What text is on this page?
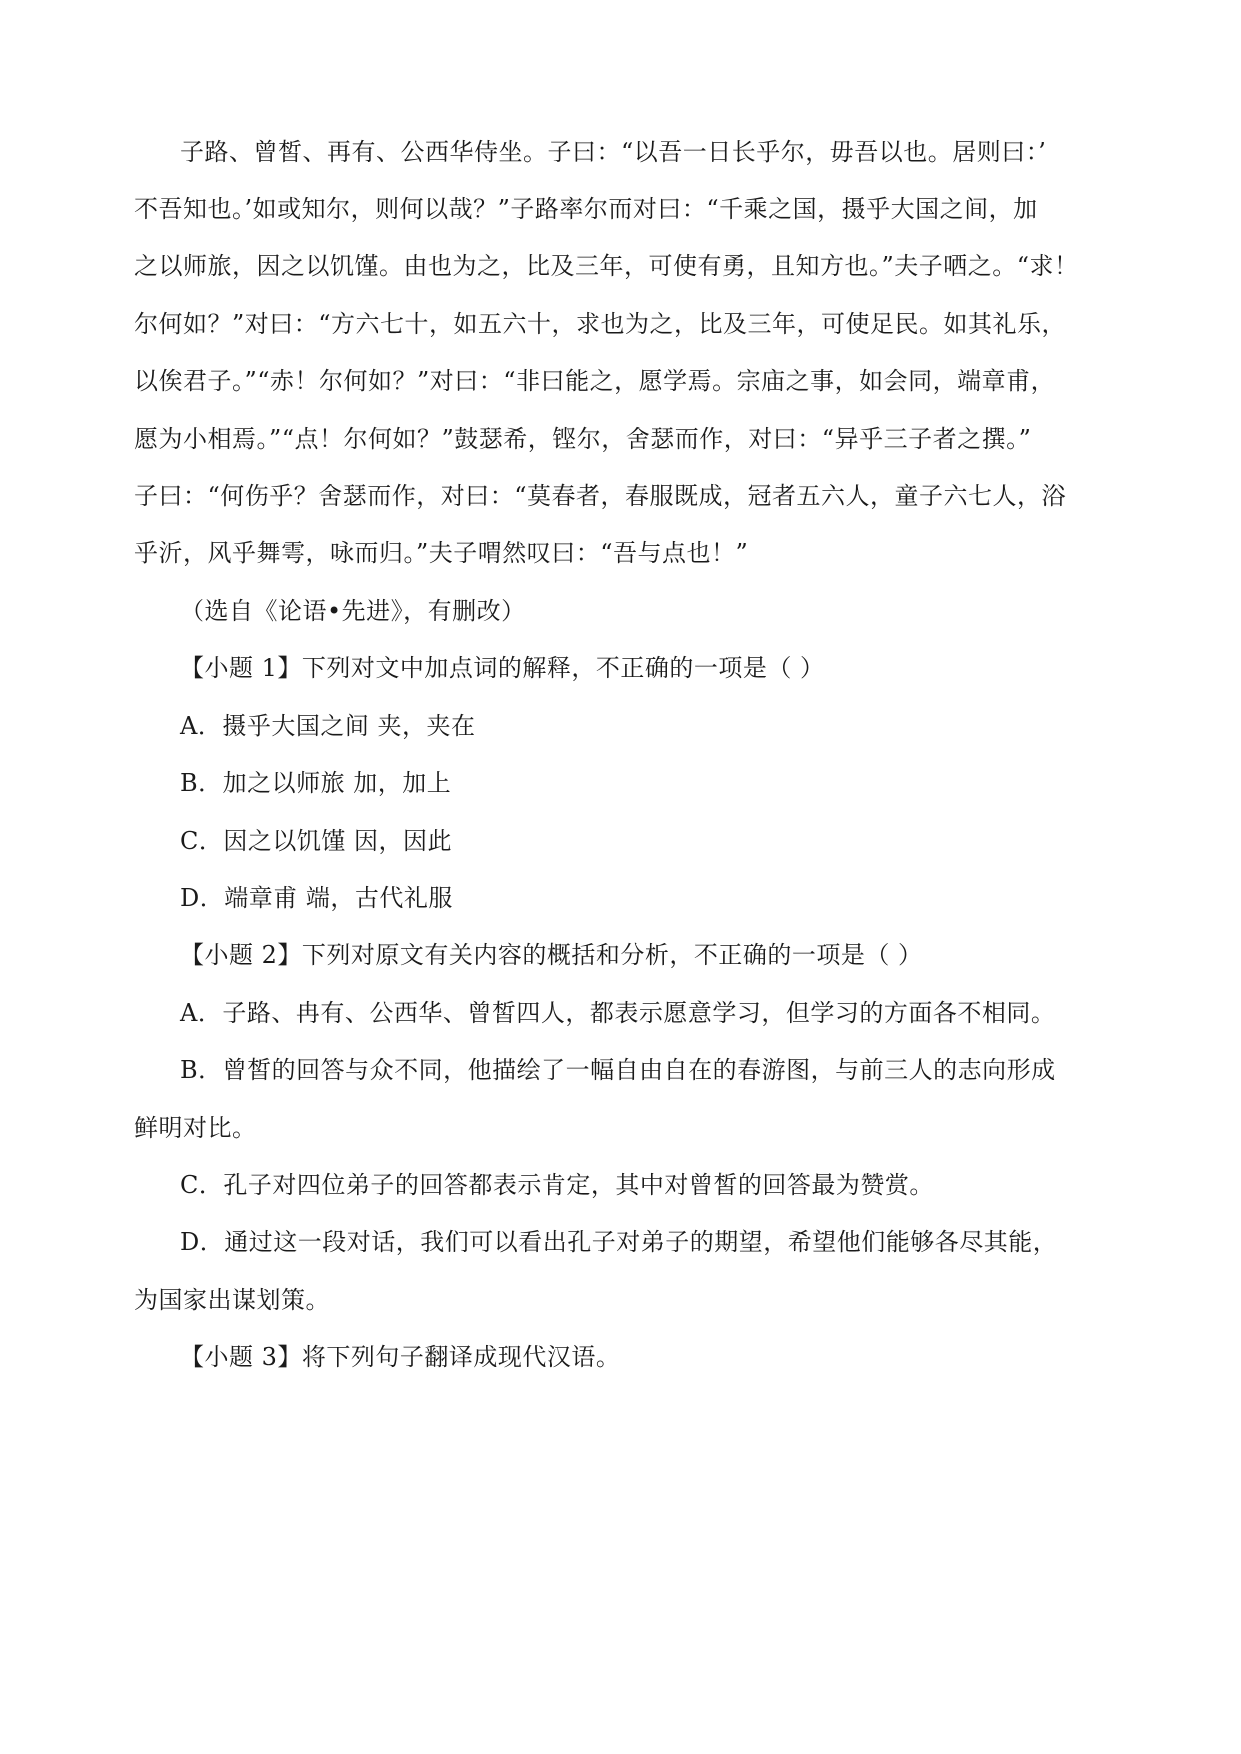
子路、曾皙、再有、公西华侍坐。子曰：“以吾一日长乎尔，毋吾以也。居则曰：’
不吾知也。’如或知尔，则何以哉？”子路率尔而对曰：“千乘之国，摄乎大国之间，加
之以师旅，因之以饥馑。由也为之，比及三年，可使有勇，且知方也。”夫子哂之。“求！
尔何如？”对曰：“方六七十，如五六十，求也为之，比及三年，可使足民。如其礼乐，
以俟君子。”“赤！尔何如？”对曰：“非曰能之，愿学焉。宗庙之事，如会同，端章甫，
愿为小相焉。”“点！尔何如？”鼓瑟希，铿尔，舍瑟而作，对曰：“异乎三子者之撰。”
子曰：“何伤乎？舍瑟而作，对曰：“莫春者，春服既成，冠者五六人，童子六七人，浴
乎沂，风乎舞雩，咏而归。”夫子喟然叹曰：“吾与点也！”
（选自《论语•先进》，有删改）
【小题 1】下列对文中加点词的解释，不正确的一项是（ ）
A．摄乎大国之间 夹，夹在
B．加之以师旅 加，加上
C．因之以饥馑 因，因此
D．端章甫 端，古代礼服
【小题 2】下列对原文有关内容的概括和分析，不正确的一项是（ ）
A．子路、冉有、公西华、曾皙四人，都表示愿意学习，但学习的方面各不相同。
B．曾皙的回答与众不同，他描绘了一幅自由自在的春游图，与前三人的志向形成
鲜明对比。
C．孔子对四位弟子的回答都表示肯定，其中对曾皙的回答最为赞赏。
D．通过这一段对话，我们可以看出孔子对弟子的期望，希望他们能够各尽其能，
为国家出谋划策。
【小题 3】将下列句子翻译成现代汉语。
